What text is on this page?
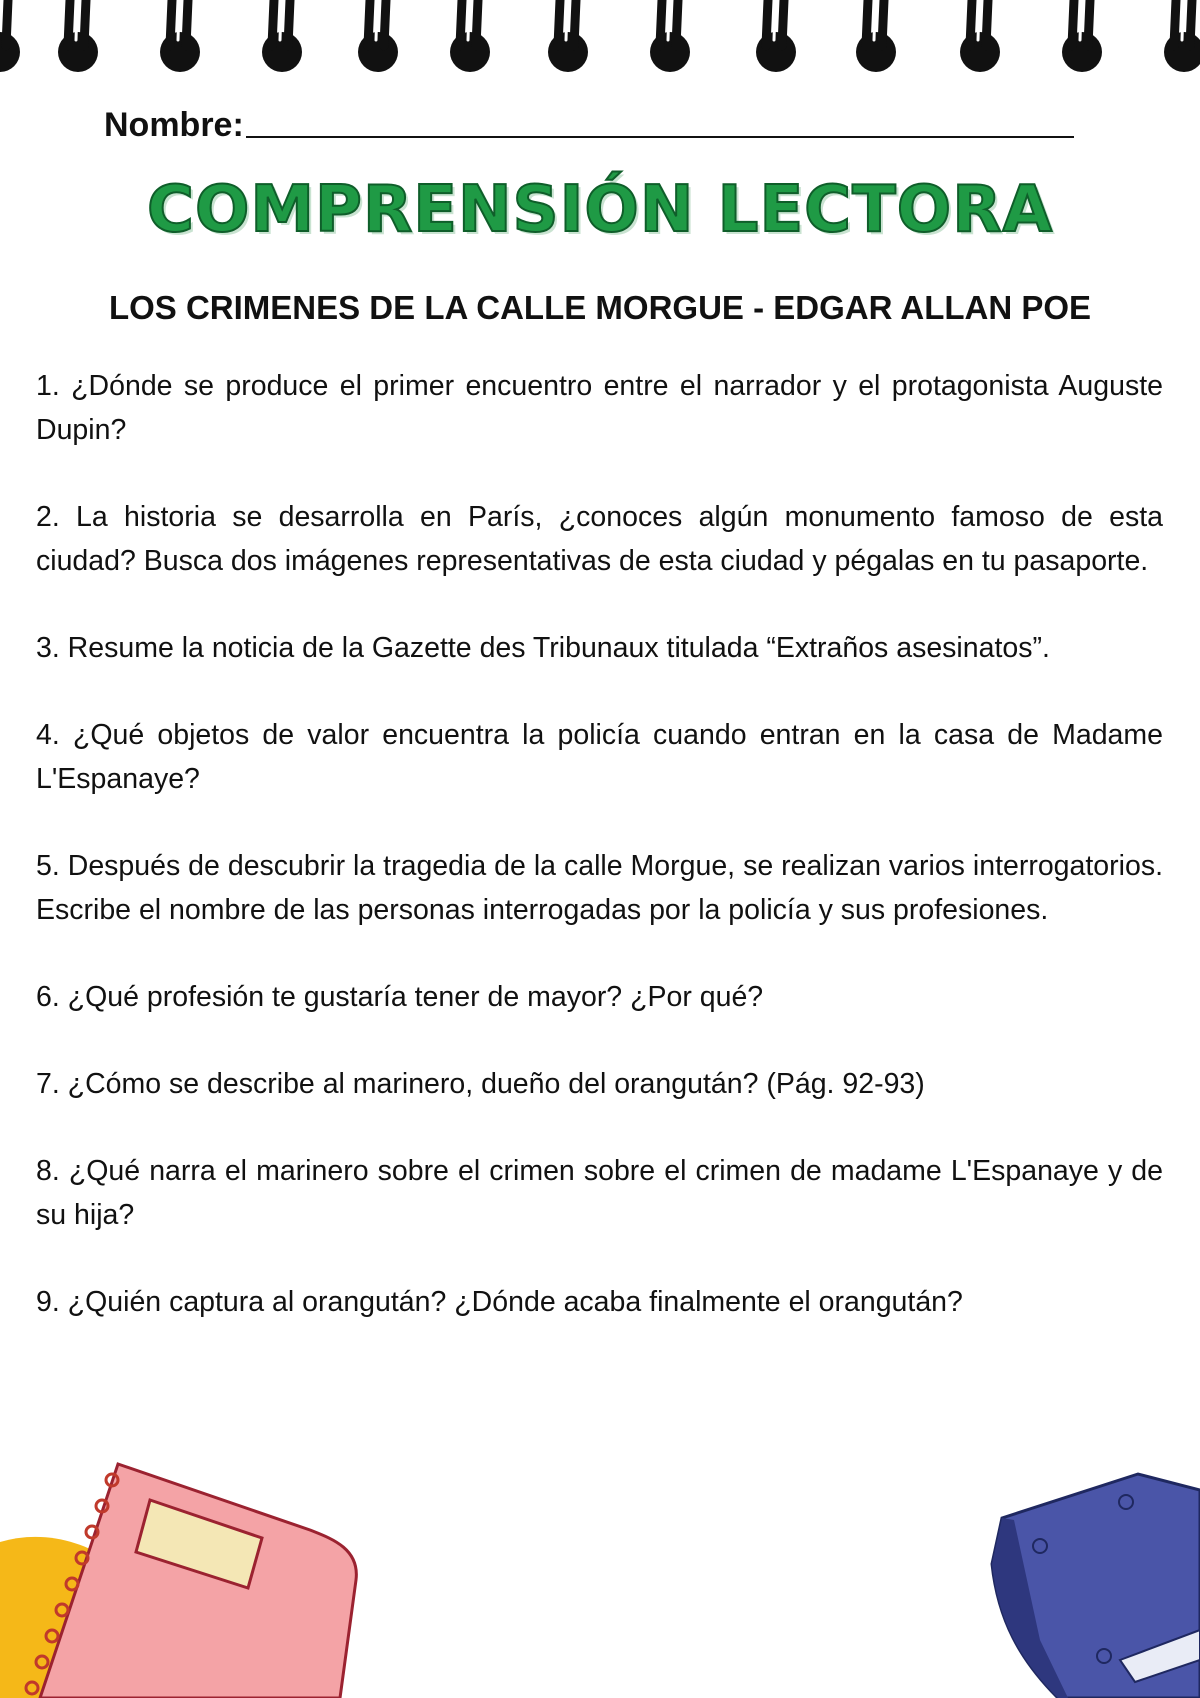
Nombre:
COMPRENSIÓN LECTORA
LOS CRIMENES DE LA CALLE MORGUE - EDGAR ALLAN POE
1. ¿Dónde se produce el primer encuentro entre el narrador y el protagonista Auguste Dupin?
2. La historia se desarrolla en París, ¿conoces algún monumento famoso de esta ciudad? Busca dos imágenes representativas de esta ciudad y pégalas en tu pasaporte.
3. Resume la noticia de la Gazette des Tribunaux titulada “Extraños asesinatos”.
4. ¿Qué objetos de valor encuentra la policía cuando entran en la casa de Madame L'Espanaye?
5. Después de descubrir la tragedia de la calle Morgue, se realizan varios interrogatorios. Escribe el nombre de las personas interrogadas por la policía y sus profesiones.
6. ¿Qué profesión te gustaría tener de mayor? ¿Por qué?
7. ¿Cómo se describe al marinero, dueño del orangután? (Pág. 92-93)
8. ¿Qué narra el marinero sobre el crimen sobre el crimen de madame L'Espanaye y de su hija?
9. ¿Quién captura al orangután? ¿Dónde acaba finalmente el orangután?
